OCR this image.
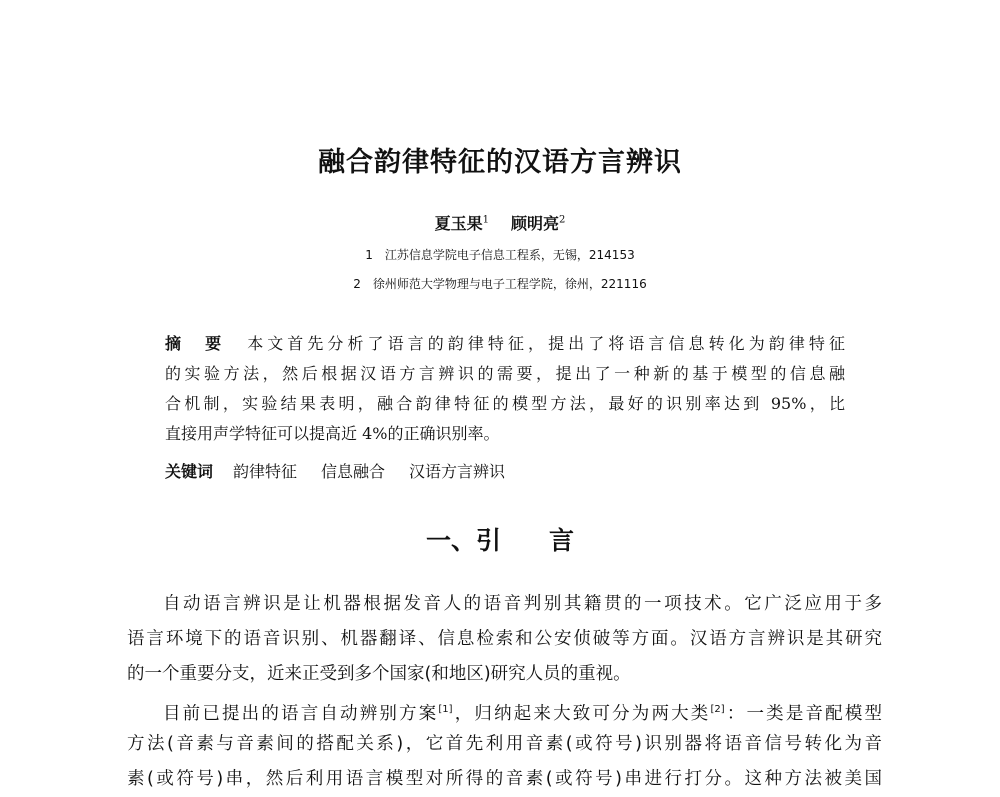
融合韵律特征的汉语方言辨识
夏玉果$^1$ 顾明亮$^2$
1 江苏信息学院电子信息工程系，无锡，214153
2 徐州师范大学物理与电子工程学院，徐州，221116
摘　要 本文首先分析了语言的韵律特征，提出了将语言信息转化为韵律特征
的实验方法，然后根据汉语方言辨识的需要，提出了一种新的基于模型的信息融
合机制，实验结果表明，融合韵律特征的模型方法，最好的识别率达到 95%，比
直接用声学特征可以提高近 4%的正确识别率。
关键词 韵律特征 信息融合 汉语方言辨识
一、引 言
自动语言辨识是让机器根据发音人的语音判别其籍贯的一项技术。它广泛应用于多
语言环境下的语音识别、机器翻译、信息检索和公安侦破等方面。汉语方言辨识是其研究
的一个重要分支，近来正受到多个国家(和地区)研究人员的重视。
目前已提出的语言自动辨别方案[1]，归纳起来大致可分为两大类[2]：一类是音配模型
方法(音素与音素间的搭配关系)，它首先利用音素(或符号)识别器将语音信号转化为音
素(或符号)串，然后利用语言模型对所得的音素(或符号)串进行打分。这种方法被美国
